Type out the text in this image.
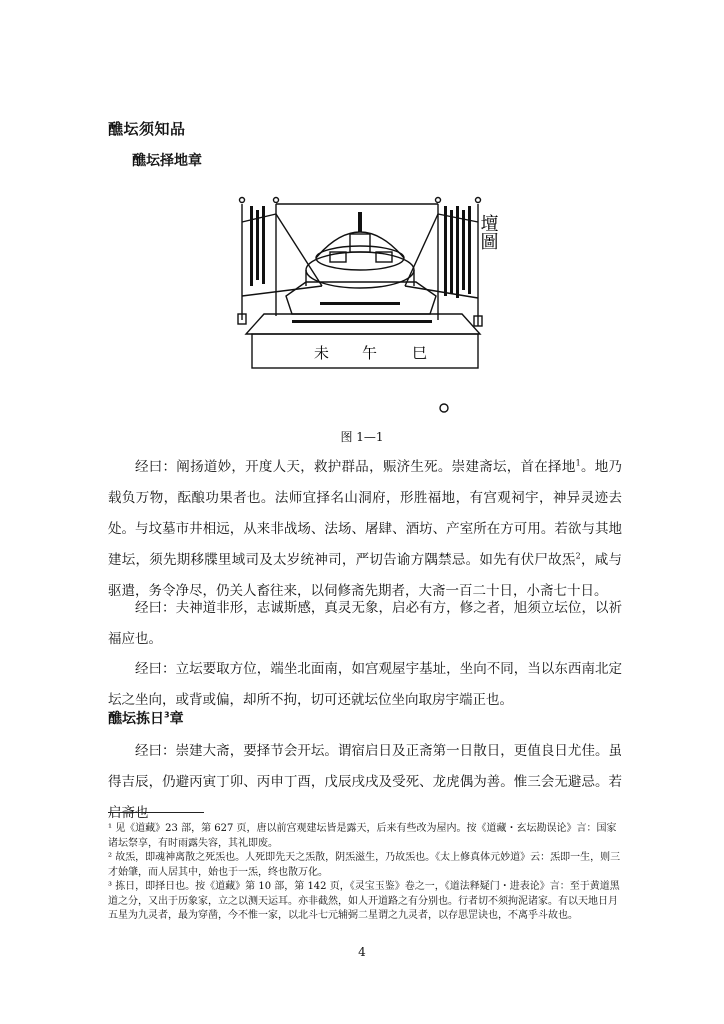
醮坛须知品
醮坛择地章
壇圖
未 午 巳
图 1—1

经曰：阐扬道妙，开度人天，救护群品，赈济生死。崇建斋坛，首在择地$^1$。地乃载负万物，酝酿功果者也。法师宜择名山洞府，形胜福地，有宫观祠宇，神异灵迹去处。与坟墓市井相远，从来非战场、法场、屠肆、酒坊、产室所在方可用。若欲与其地建坛，须先期移牒里域司及太岁统神司，严切告谕方隅禁忌。如先有伏尸故炁$^2$，咸与驱遣，务令净尽，仍关人畜往来，以伺修斋先期者，大斋一百二十日，小斋七十日。

经曰：夫神道非形，志诚斯感，真灵无象，启必有方，修之者，旭须立坛位，以祈福应也。

经曰：立坛要取方位，端坐北面南，如宫观屋宇基址，坐向不同，当以东西南北定坛之坐向，或背或偏，却所不拘，切可还就坛位坐向取房宇端正也。

醮坛拣日$^3$章

经曰：崇建大斋，要择节会开坛。谓宿启日及正斋第一日散日，更值良日尤佳。虽得吉辰，仍避丙寅丁卯、丙申丁酉，戊辰戌戌及受死、龙虎偶为善。惟三会无避忌。若启斋也

¹ 见《道藏》23 部，第 627 页，唐以前宫观建坛皆是露天，后来有些改为屋内。按《道藏・玄坛勘误论》言：国家诸坛祭享，有时雨露失容，其礼即废。

² 故炁，即魂神离散之死炁也。人死即先天之炁散，阴炁滋生，乃故炁也。《太上修真体元妙道》云：炁即一生，则三才始肇，而人居其中，始也于一炁，终也散万化。

³ 拣日，即择日也。按《道藏》第 10 部，第 142 页，《灵宝玉鉴》卷之一，《道法释疑门・进表论》言：至于黄道黑道之分，又出于历象家，立之以测天运耳。亦非截然，如人开道路之有分别也。行者切不须拘泥诸家。有以天地日月五星为九灵者，最为穿凿，今不惟一家，以北斗七元辅弼二星谓之九灵者，以存思罡诀也，不离乎斗故也。

4
